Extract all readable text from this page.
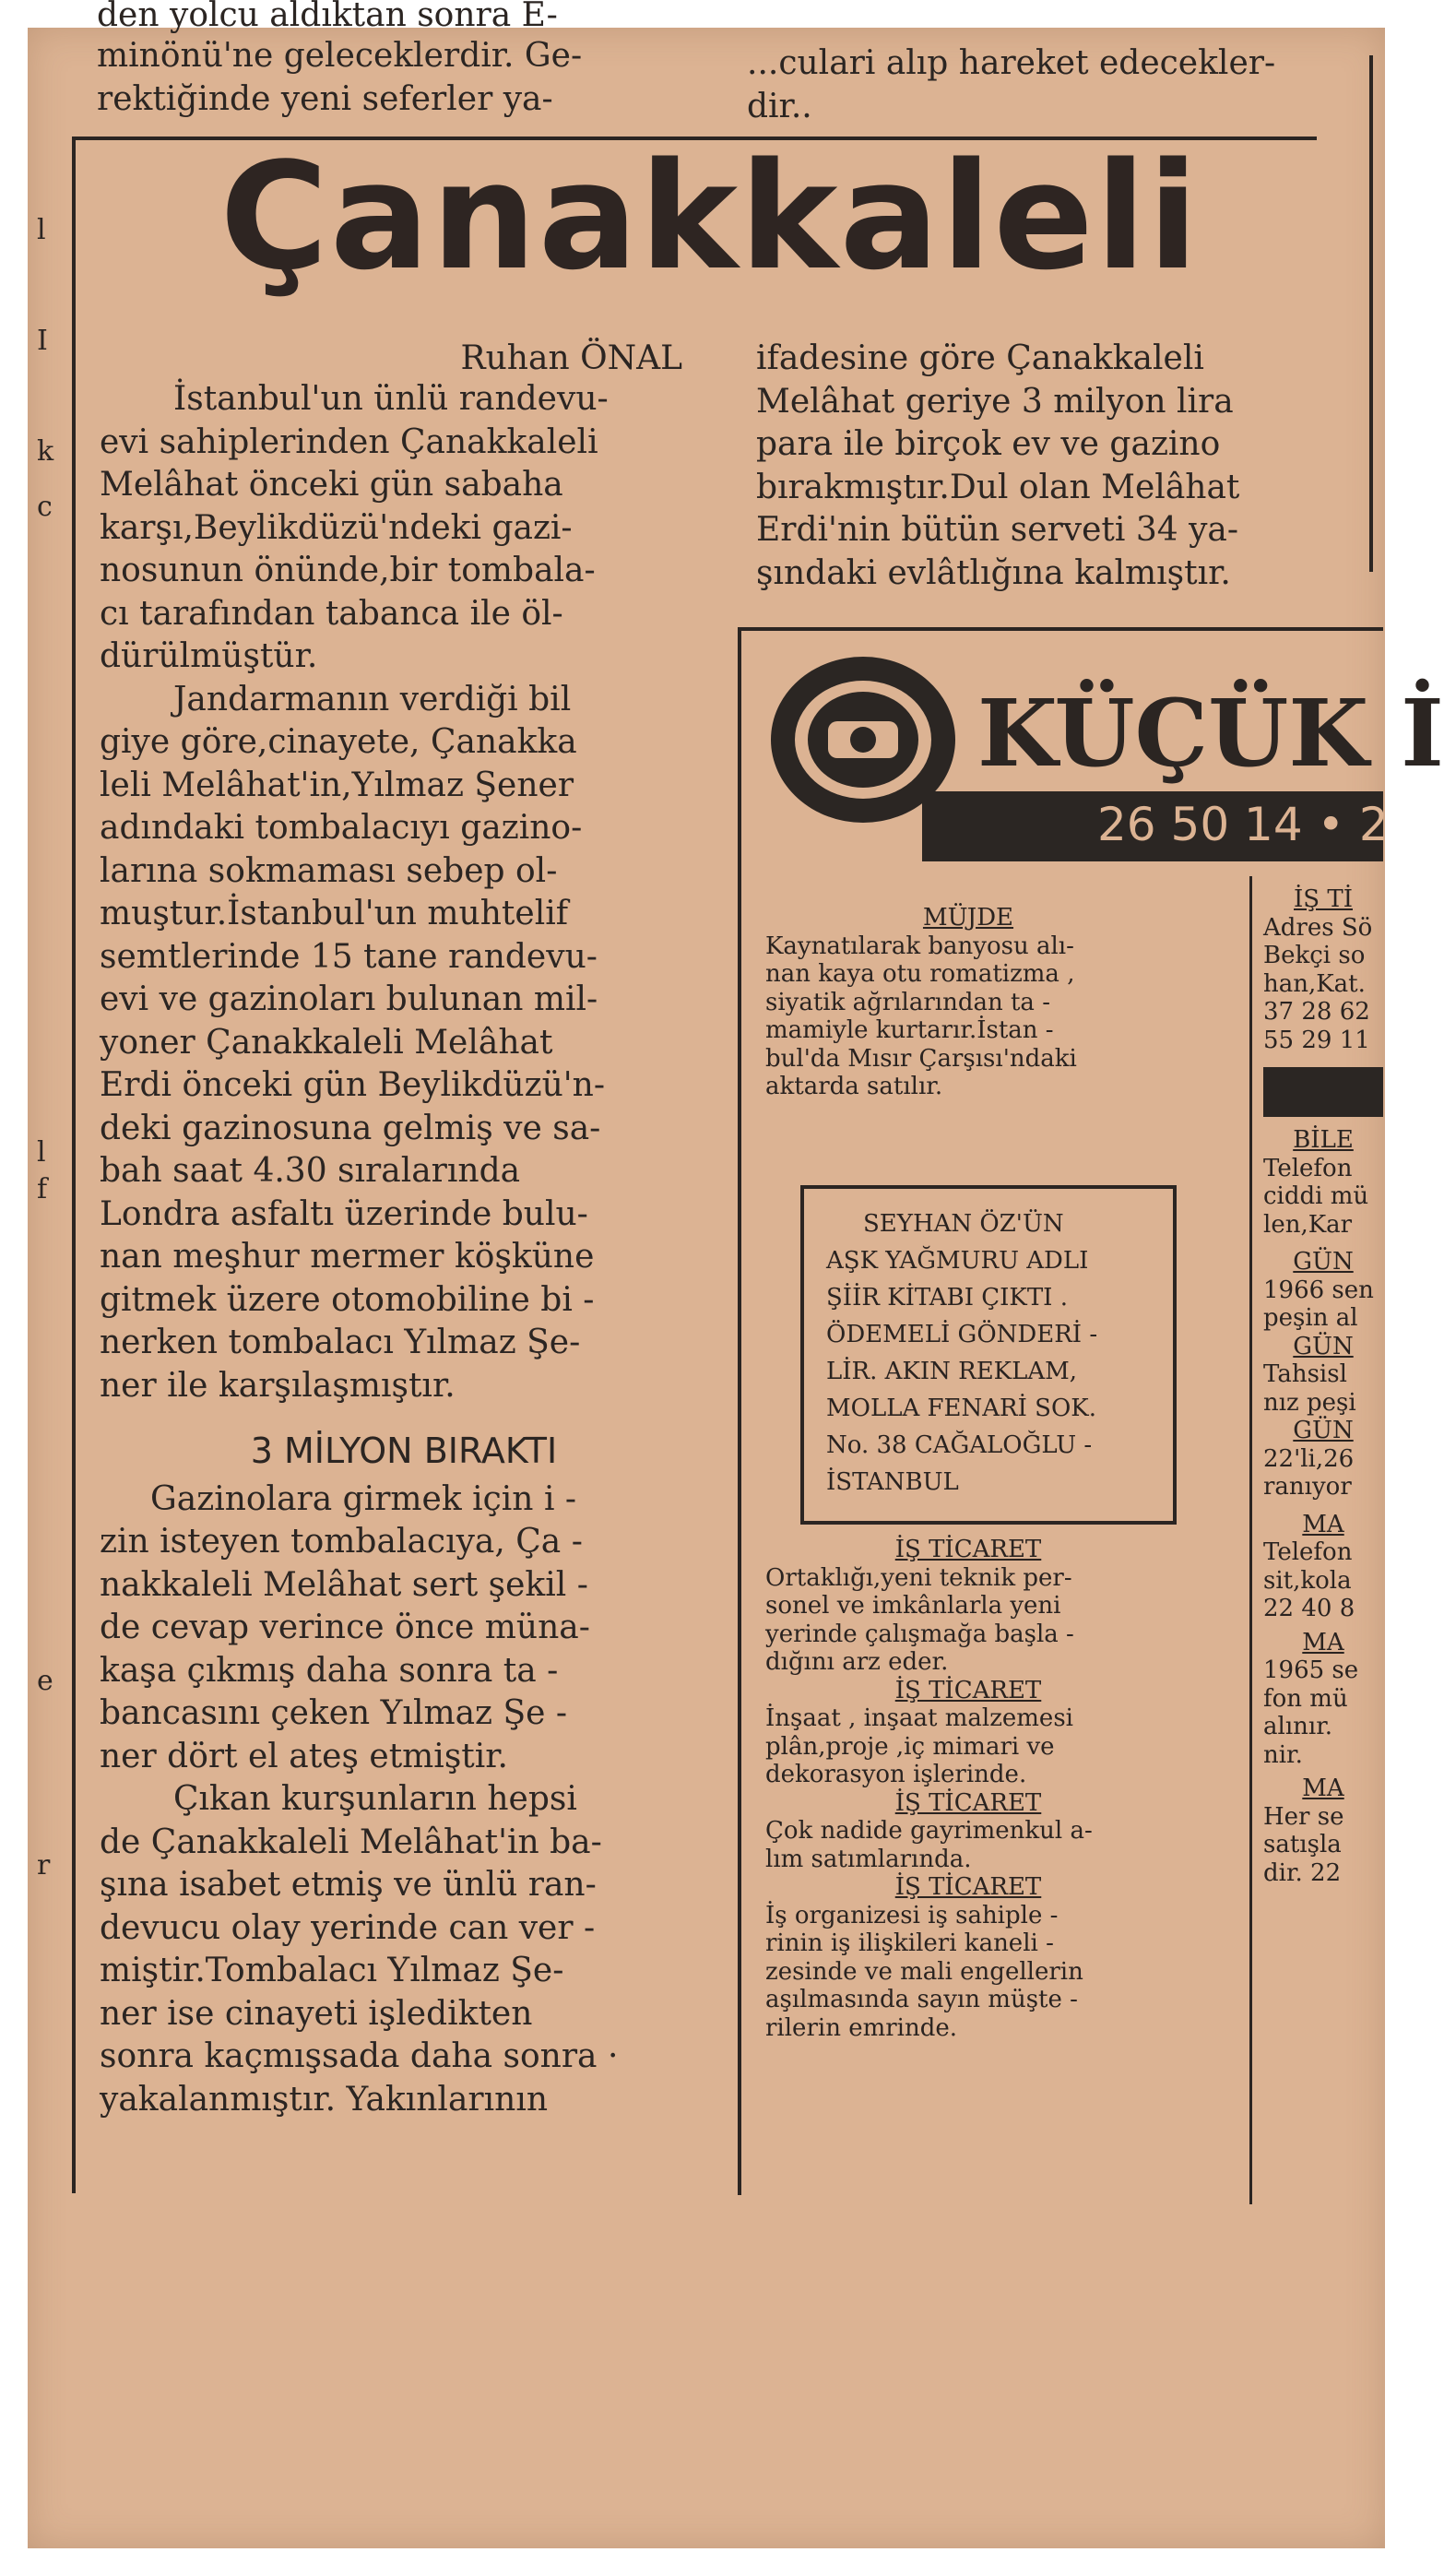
l
I
k
c
l
f
e
r

den yolcu aldıktan sonra E-

minönü'ne geleceklerdir. Ge-

rektiğinde yeni seferler ya-

...culari alıp hareket edecekler-

dir..

Çanakkaleli
Ruhan ÖNAL

İstanbul'un ünlü randevu-

evi sahiplerinden Çanakkaleli

Melâhat önceki gün sabaha

karşı,Beylikdüzü'ndeki gazi-

nosunun önünde,bir tombala-

cı tarafından tabanca ile öl-

dürülmüştür.

Jandarmanın verdiği bil

giye göre,cinayete, Çanakka

leli Melâhat'in,Yılmaz Şener

adındaki tombalacıyı gazino-

larına sokmaması sebep ol-

muştur.İstanbul'un muhtelif

semtlerinde 15 tane randevu-

evi ve gazinoları bulunan mil-

yoner Çanakkaleli Melâhat

Erdi önceki gün Beylikdüzü'n-

deki gazinosuna gelmiş ve sa-

bah saat 4.30 sıralarında

Londra asfaltı üzerinde bulu-

nan meşhur mermer köşküne

gitmek üzere otomobiline bi -

nerken tombalacı Yılmaz Şe-

ner ile karşılaşmıştır.

3 MİLYON BIRAKTI

Gazinolara girmek için i -

zin isteyen tombalacıya, Ça -

nakkaleli Melâhat sert şekil -

de cevap verince önce müna-

kaşa çıkmış daha sonra ta -

bancasını çeken Yılmaz Şe -

ner dört el ateş etmiştir.

Çıkan kurşunların hepsi

de Çanakkaleli Melâhat'in ba-

şına isabet etmiş ve ünlü ran-

devucu olay yerinde can ver -

miştir.Tombalacı Yılmaz Şe-

ner ise cinayeti işledikten

sonra kaçmışsada daha sonra ·

yakalanmıştır. Yakınlarının

ifadesine göre Çanakkaleli

Melâhat geriye 3 milyon lira

para ile birçok ev ve gazino

bırakmıştır.Dul olan Melâhat

Erdi'nin bütün serveti 34 ya-

şındaki evlâtlığına kalmıştır.

KÜÇÜK İ
26 50 14 • 2

MÜJDE

Kaynatılarak banyosu alı-

nan kaya otu romatizma ,

siyatik ağrılarından ta -

mamiyle kurtarır.İstan -

bul'da Mısır Çarşısı'ndaki

aktarda satılır.

SEYHAN ÖZ'ÜN

AŞK YAĞMURU ADLI

ŞİİR KİTABI ÇIKTI .

ÖDEMELİ GÖNDERİ -

LİR. AKIN REKLAM,

MOLLA FENARİ SOK.

No. 38 CAĞALOĞLU -

İSTANBUL

İŞ TİCARET

Ortaklığı,yeni teknik per-

sonel ve imkânlarla yeni

yerinde çalışmağa başla -

dığını arz eder.

İŞ TİCARET

İnşaat , inşaat malzemesi

plân,proje ,iç mimari ve

dekorasyon işlerinde.

İŞ TİCARET

Çok nadide gayrimenkul a-

lım satımlarında.

İŞ TİCARET

İş organizesi iş sahiple -

rinin iş ilişkileri kaneli -

zesinde ve mali engellerin

aşılmasında sayın müşte -

rilerin emrinde.

İŞ Tİ

Adres Sö

Bekçi so

han,Kat.

37 28 62

55 29 11

BİLE

Telefon

ciddi mü

len,Kar

GÜN

1966 sen

peşin al

GÜN

Tahsisl

nız peşi

GÜN

22'li,26

ranıyor

MA

Telefon

sit,kola

22 40 8

MA

1965 se

fon mü

alınır.

nir.

MA

Her se

satışla

dir. 22
